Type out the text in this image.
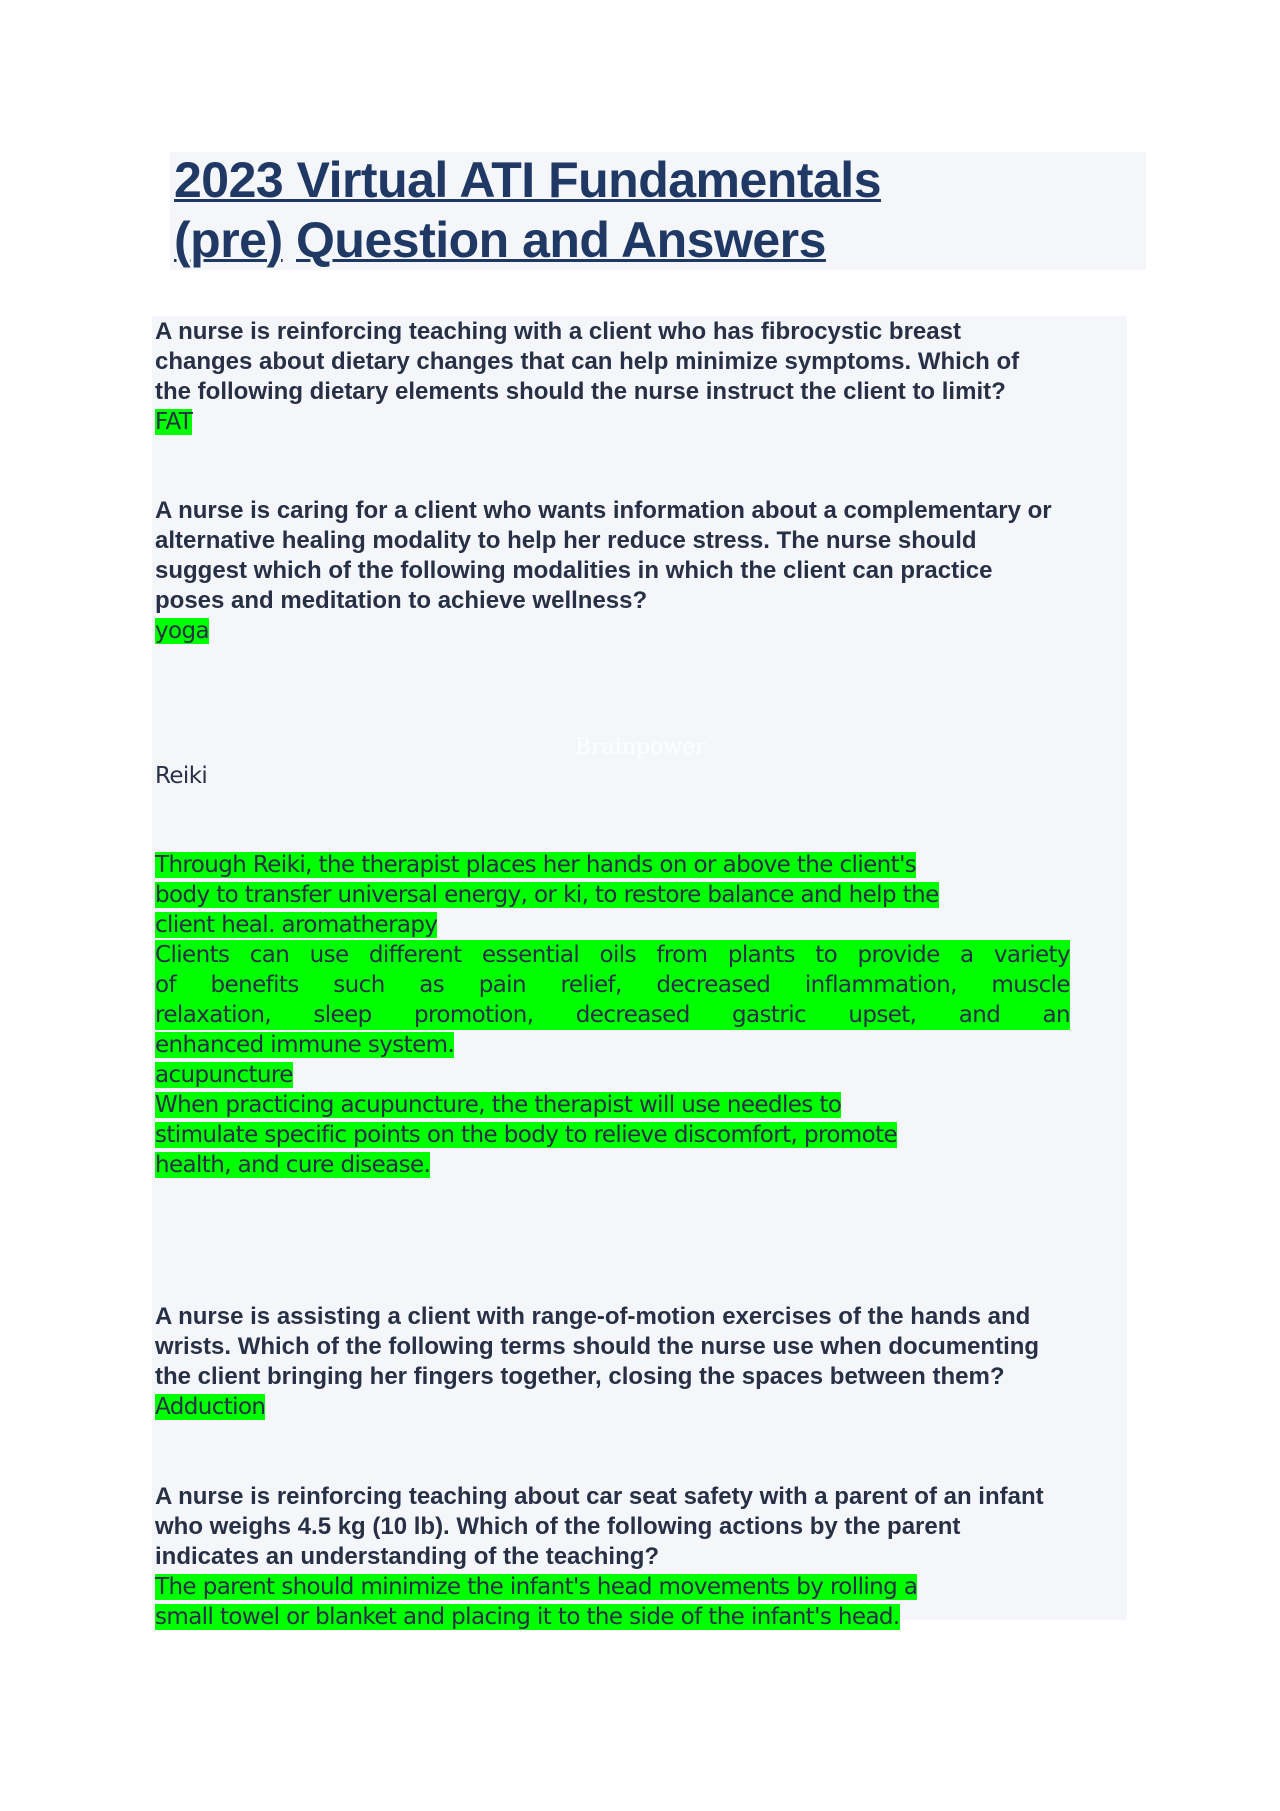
2023 Virtual ATI Fundamentals
(pre) Question and Answers

A nurse is reinforcing teaching with a client who has fibrocystic breast
changes about dietary changes that can help minimize symptoms. Which of
the following dietary elements should the nurse instruct the client to limit?

FAT

A nurse is caring for a client who wants information about a complementary or
alternative healing modality to help her reduce stress. The nurse should
suggest which of the following modalities in which the client can practice
poses and meditation to achieve wellness?

yoga

Brainpower

Reiki

Through Reiki, the therapist places her hands on or above the client's
body to transfer universal energy, or ki, to restore balance and help the
client heal. aromatherapy
Clients can use different essential oils from plants to provide a variety
of benefits such as pain relief, decreased inflammation, muscle
relaxation, sleep promotion, decreased gastric upset, and an
enhanced immune system.
acupuncture
When practicing acupuncture, the therapist will use needles to
stimulate specific points on the body to relieve discomfort, promote
health, and cure disease.

A nurse is assisting a client with range-of-motion exercises of the hands and
wrists. Which of the following terms should the nurse use when documenting
the client bringing her fingers together, closing the spaces between them?

Adduction

A nurse is reinforcing teaching about car seat safety with a parent of an infant
who weighs 4.5 kg (10 lb). Which of the following actions by the parent
indicates an understanding of the teaching?

The parent should minimize the infant's head movements by rolling a
small towel or blanket and placing it to the side of the infant's head.
